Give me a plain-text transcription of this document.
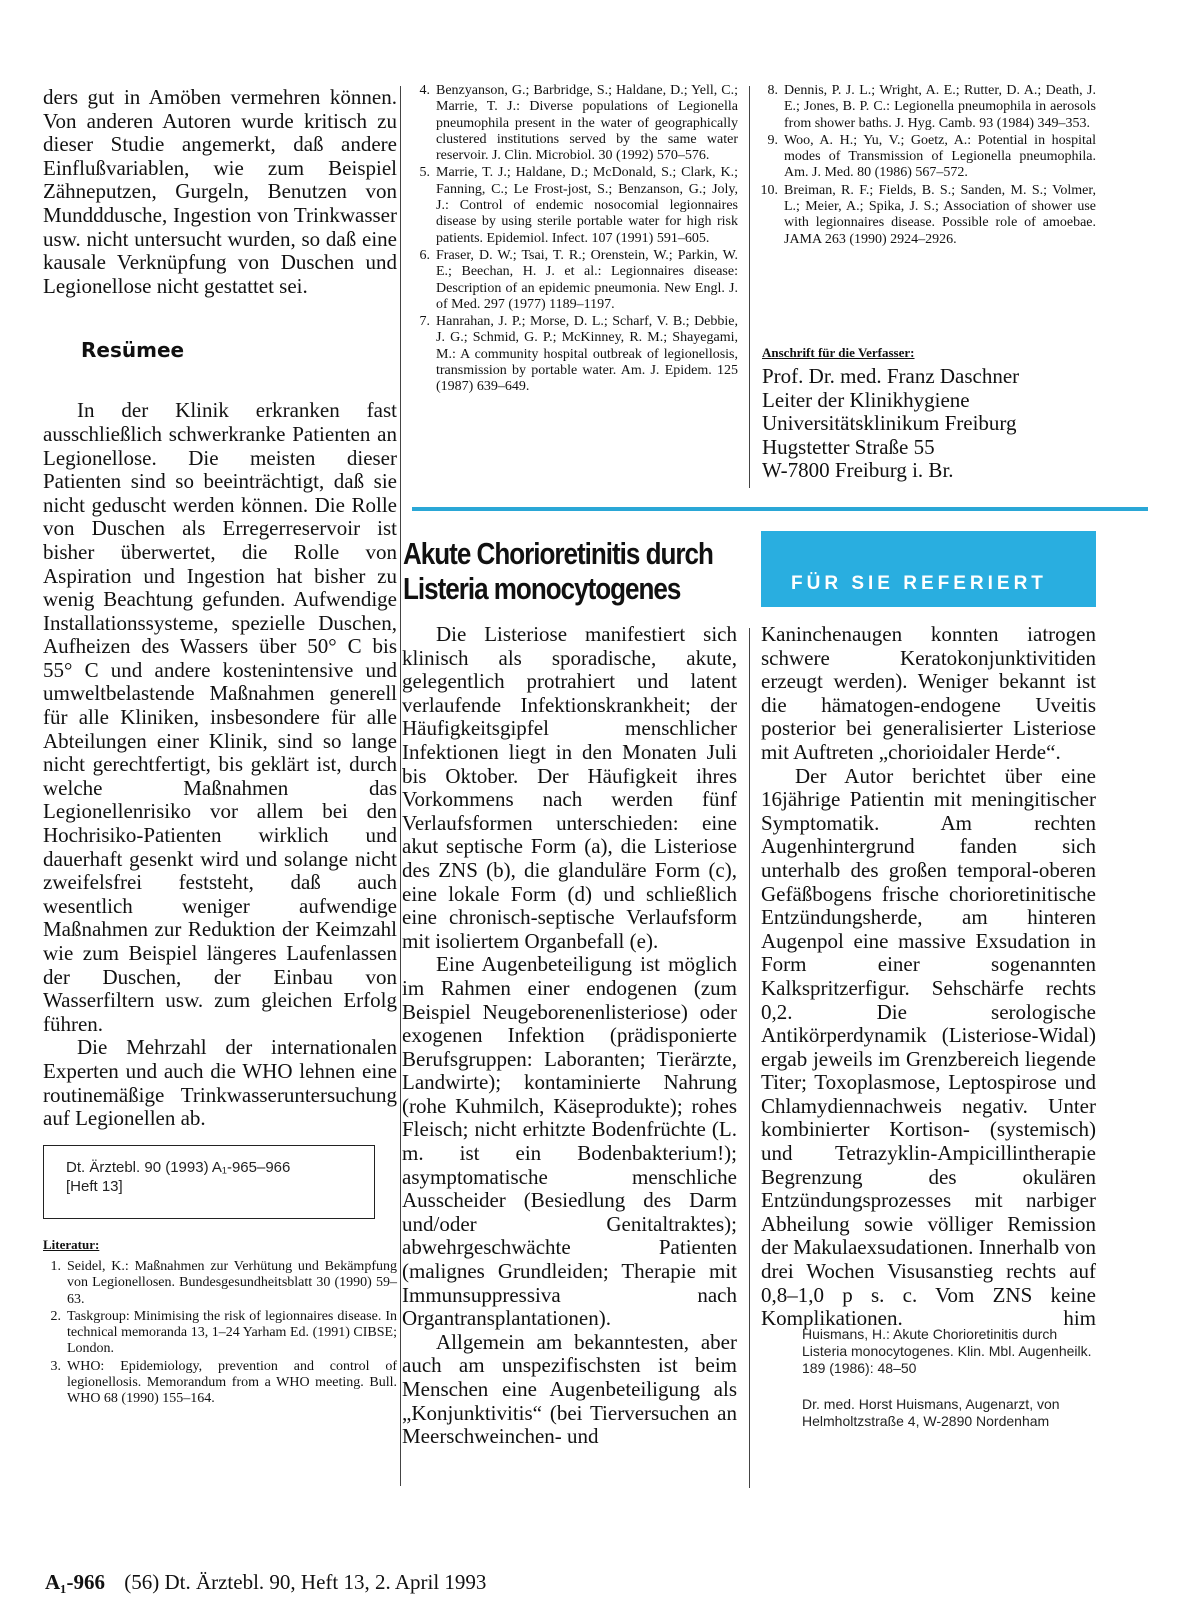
ders gut in Amöben vermehren können. Von anderen Autoren wurde kritisch zu dieser Studie angemerkt, daß andere Einflußvariablen, wie zum Beispiel Zähneputzen, Gurgeln, Benutzen von Mundddusche, Ingestion von Trinkwasser usw. nicht untersucht wurden, so daß eine kausale Verknüpfung von Duschen und Legionellose nicht gestattet sei.

Resümee

In der Klinik erkranken fast ausschließlich schwerkranke Patienten an Legionellose. Die meisten dieser Patienten sind so beeinträchtigt, daß sie nicht geduscht werden können. Die Rolle von Duschen als Erregerreservoir ist bisher überwertet, die Rolle von Aspiration und Ingestion hat bisher zu wenig Beachtung gefunden. Aufwendige Installationssysteme, spezielle Duschen, Aufheizen des Wassers über 50° C bis 55° C und andere kostenintensive und umweltbelastende Maßnahmen generell für alle Kliniken, insbesondere für alle Abteilungen einer Klinik, sind so lange nicht gerechtfertigt, bis geklärt ist, durch welche Maßnahmen das Legionellenrisiko vor allem bei den Hochrisiko-Patienten wirklich und dauerhaft gesenkt wird und solange nicht zweifelsfrei feststeht, daß auch wesentlich weniger aufwendige Maßnahmen zur Reduktion der Keimzahl wie zum Beispiel längeres Laufenlassen der Duschen, der Einbau von Wasserfiltern usw. zum gleichen Erfolg führen.

Die Mehrzahl der internationalen Experten und auch die WHO lehnen eine routinemäßige Trinkwasseruntersuchung auf Legionellen ab.

Dt. Ärztebl. 90 (1993) A₁-965–966
[Heft 13]

Literatur:

1. Seidel, K.: Maßnahmen zur Verhütung und Bekämpfung von Legionellosen. Bundesgesundheitsblatt 30 (1990) 59–63.
2. Taskgroup: Minimising the risk of legionnaires disease. In technical memoranda 13, 1–24 Yarham Ed. (1991) CIBSE; London.
3. WHO: Epidemiology, prevention and control of legionellosis. Memorandum from a WHO meeting. Bull. WHO 68 (1990) 155–164.
4. Benzyanson, G.; Barbridge, S.; Haldane, D.; Yell, C.; Marrie, T. J.: Diverse populations of Legionella pneumophila present in the water of geographically clustered institutions served by the same water reservoir. J. Clin. Microbiol. 30 (1992) 570–576.
5. Marrie, T. J.; Haldane, D.; McDonald, S.; Clark, K.; Fanning, C.; Le Frost-jost, S.; Benzanson, G.; Joly, J.: Control of endemic nosocomial legionnaires disease by using sterile portable water for high risk patients. Epidemiol. Infect. 107 (1991) 591–605.
6. Fraser, D. W.; Tsai, T. R.; Orenstein, W.; Parkin, W. E.; Beechan, H. J. et al.: Legionnaires disease: Description of an epidemic pneumonia. New Engl. J. of Med. 297 (1977) 1189–1197.
7. Hanrahan, J. P.; Morse, D. L.; Scharf, V. B.; Debbie, J. G.; Schmid, G. P.; McKinney, R. M.; Shayegami, M.: A community hospital outbreak of legionellosis, transmission by portable water. Am. J. Epidem. 125 (1987) 639–649.
8. Dennis, P. J. L.; Wright, A. E.; Rutter, D. A.; Death, J. E.; Jones, B. P. C.: Legionella pneumophila in aerosols from shower baths. J. Hyg. Camb. 93 (1984) 349–353.
9. Woo, A. H.; Yu, V.; Goetz, A.: Potential in hospital modes of Transmission of Legionella pneumophila. Am. J. Med. 80 (1986) 567–572.
10. Breiman, R. F.; Fields, B. S.; Sanden, M. S.; Volmer, L.; Meier, A.; Spika, J. S.; Association of shower use with legionnaires disease. Possible role of amoebae. JAMA 263 (1990) 2924–2926.

Anschrift für die Verfasser:

Prof. Dr. med. Franz Daschner
Leiter der Klinikhygiene
Universitätsklinikum Freiburg
Hugstetter Straße 55
W-7800 Freiburg i. Br.

Akute Chorioretinitis durch

Listeria monocytogenes	FÜR SIE REFERIERT

Die Listeriose manifestiert sich klinisch als sporadische, akute, gelegentlich protrahiert und latent verlaufende Infektionskrankheit; der Häufigkeitsgipfel menschlicher Infektionen liegt in den Monaten Juli bis Oktober. Der Häufigkeit ihres Vorkommens nach werden fünf Verlaufsformen unterschieden: eine akut septische Form (a), die Listeriose des ZNS (b), die glanduläre Form (c), eine lokale Form (d) und schließlich eine chronisch-septische Verlaufsform mit isoliertem Organbefall (e).

Eine Augenbeteiligung ist möglich im Rahmen einer endogenen (zum Beispiel Neugeborenenlisteriose) oder exogenen Infektion (prädisponierte Berufsgruppen: Laboranten; Tierärzte, Landwirte); kontaminierte Nahrung (rohe Kuhmilch, Käseprodukte); rohes Fleisch; nicht erhitzte Bodenfrüchte (L. m. ist ein Bodenbakterium!); asymptomatische menschliche Ausscheider (Besiedlung des Darm und/oder Genitaltraktes); abwehrgeschwächte Patienten (malignes Grundleiden; Therapie mit Immunsuppressiva nach Organtransplantationen).

Allgemein am bekanntesten, aber auch am unspezifischsten ist beim Menschen eine Augenbeteiligung als „Konjunktivitis“ (bei Tierversuchen an Meerschweinchen- und

Kaninchenaugen konnten iatrogen schwere Keratokonjunktivitiden erzeugt werden). Weniger bekannt ist die hämatogen-endogene Uveitis posterior bei generalisierter Listeriose mit Auftreten „chorioidaler Herde“.

Der Autor berichtet über eine 16jährige Patientin mit meningitischer Symptomatik. Am rechten Augenhintergrund fanden sich unterhalb des großen temporal-oberen Gefäßbogens frische chorioretinitische Entzündungsherde, am hinteren Augenpol eine massive Exsudation in Form einer sogenannten Kalkspritzerfigur. Sehschärfe rechts 0,2. Die serologische Antikörperdynamik (Listeriose-Widal) ergab jeweils im Grenzbereich liegende Titer; Toxoplasmose, Leptospirose und Chlamydiennachweis negativ. Unter kombinierter Kortison- (systemisch) und Tetrazyklin-Ampicillintherapie Begrenzung des okulären Entzündungsprozesses mit narbiger Abheilung sowie völliger Remission der Makulaexsudationen. Innerhalb von drei Wochen Visusanstieg rechts auf 0,8–1,0 p s. c. Vom ZNS keine Komplikationen.	him
Huismans, H.: Akute Chorioretinitis durch Listeria monocytogenes. Klin. Mbl. Augenheilk. 189 (1986): 48–50
Dr. med. Horst Huismans, Augenarzt, von Helmholtzstraße 4, W-2890 Nordenham
A₁-966 (56) Dt. Ärztebl. 90, Heft 13, 2. April 1993
